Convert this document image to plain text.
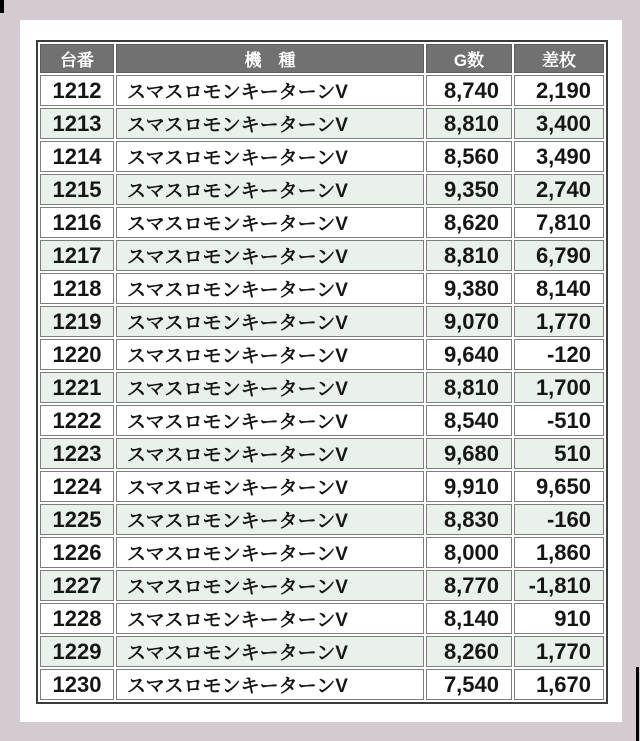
台番	機　種	G数	差枚
1212	スマスロモンキーターンV	8,740	2,190
1213	スマスロモンキーターンV	8,810	3,400
1214	スマスロモンキーターンV	8,560	3,490
1215	スマスロモンキーターンV	9,350	2,740
1216	スマスロモンキーターンV	8,620	7,810
1217	スマスロモンキーターンV	8,810	6,790
1218	スマスロモンキーターンV	9,380	8,140
1219	スマスロモンキーターンV	9,070	1,770
1220	スマスロモンキーターンV	9,640	-120
1221	スマスロモンキーターンV	8,810	1,700
1222	スマスロモンキーターンV	8,540	-510
1223	スマスロモンキーターンV	9,680	510
1224	スマスロモンキーターンV	9,910	9,650
1225	スマスロモンキーターンV	8,830	-160
1226	スマスロモンキーターンV	8,000	1,860
1227	スマスロモンキーターンV	8,770	-1,810
1228	スマスロモンキーターンV	8,140	910
1229	スマスロモンキーターンV	8,260	1,770
1230	スマスロモンキーターンV	7,540	1,670
